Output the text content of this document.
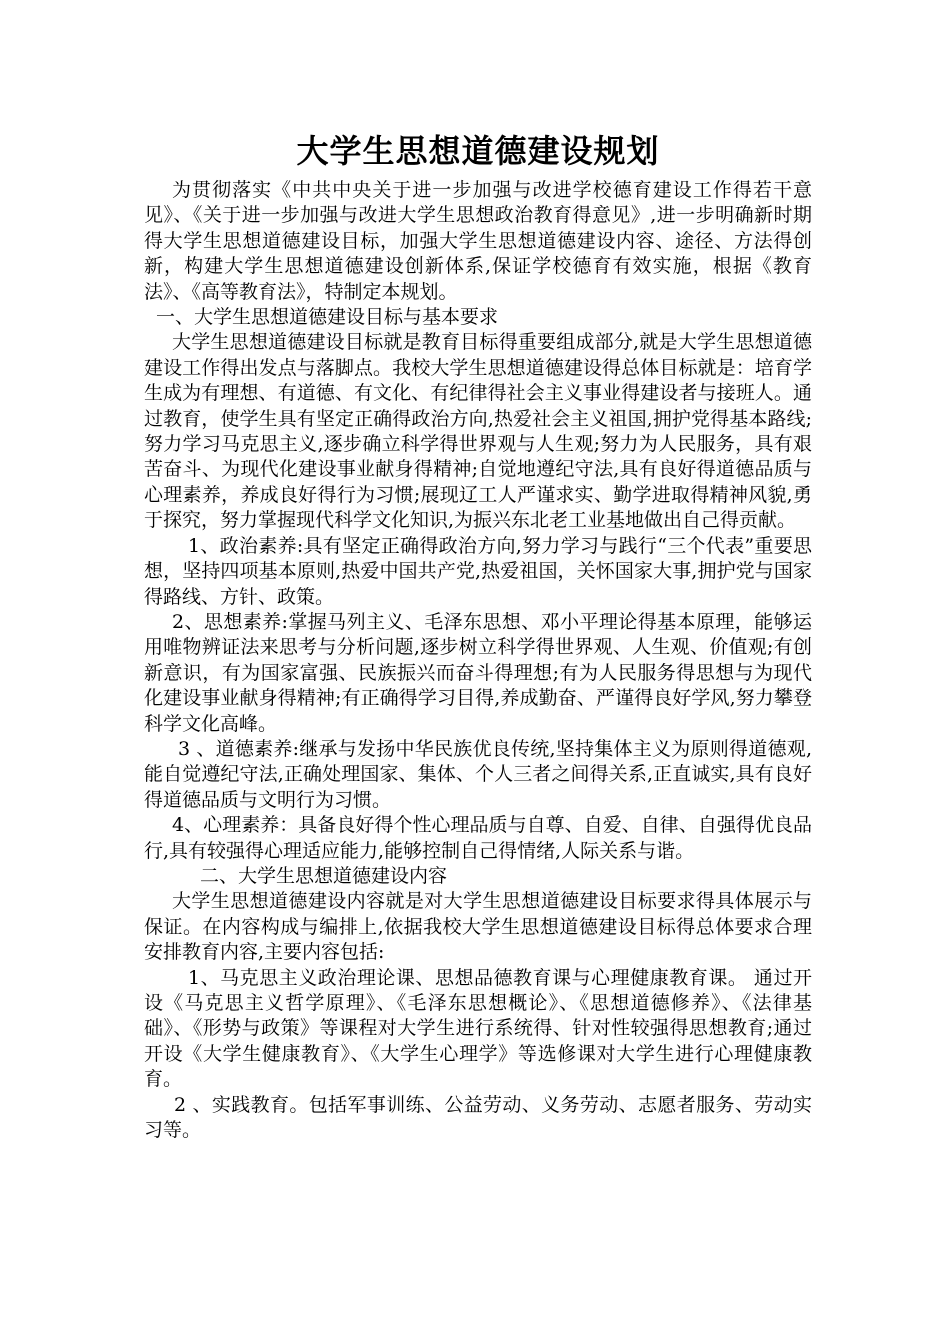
大学生思想道德建设规划

为贯彻落实《中共中央关于进一步加强与改进学校德育建设工作得若干意见》、《关于进一步加强与改进大学生思想政治教育得意见》,进一步明确新时期得大学生思想道德建设目标，加强大学生思想道德建设内容、途径、方法得创新，构建大学生思想道德建设创新体系,保证学校德育有效实施，根据《教育法》、《高等教育法》，特制定本规划。

一、大学生思想道德建设目标与基本要求

大学生思想道德建设目标就是教育目标得重要组成部分,就是大学生思想道德建设工作得出发点与落脚点。我校大学生思想道德建设得总体目标就是：培育学生成为有理想、有道德、有文化、有纪律得社会主义事业得建设者与接班人。通过教育，使学生具有坚定正确得政治方向,热爱社会主义祖国,拥护党得基本路线;努力学习马克思主义,逐步确立科学得世界观与人生观;努力为人民服务，具有艰苦奋斗、为现代化建设事业献身得精神;自觉地遵纪守法,具有良好得道德品质与心理素养，养成良好得行为习惯;展现辽工人严谨求实、勤学进取得精神风貌,勇于探究，努力掌握现代科学文化知识,为振兴东北老工业基地做出自己得贡献。

1、政治素养:具有坚定正确得政治方向,努力学习与践行“三个代表”重要思想，坚持四项基本原则,热爱中国共产党,热爱祖国，关怀国家大事,拥护党与国家得路线、方针、政策。

2、思想素养:掌握马列主义、毛泽东思想、邓小平理论得基本原理，能够运用唯物辨证法来思考与分析问题,逐步树立科学得世界观、人生观、价值观;有创新意识，有为国家富强、民族振兴而奋斗得理想;有为人民服务得思想与为现代化建设事业献身得精神;有正确得学习目得,养成勤奋、严谨得良好学风,努力攀登科学文化高峰。

3 、道德素养:继承与发扬中华民族优良传统,坚持集体主义为原则得道德观,能自觉遵纪守法,正确处理国家、集体、个人三者之间得关系,正直诚实,具有良好得道德品质与文明行为习惯。

4、心理素养：具备良好得个性心理品质与自尊、自爱、自律、自强得优良品行,具有较强得心理适应能力,能够控制自己得情绪,人际关系与谐。

二、大学生思想道德建设内容

大学生思想道德建设内容就是对大学生思想道德建设目标要求得具体展示与保证。在内容构成与编排上,依据我校大学生思想道德建设目标得总体要求合理安排教育内容,主要内容包括:

1、马克思主义政治理论课、思想品德教育课与心理健康教育课。 通过开设《马克思主义哲学原理》、《毛泽东思想概论》、《思想道德修养》、《法律基础》、《形势与政策》等课程对大学生进行系统得、针对性较强得思想教育;通过开设《大学生健康教育》、《大学生心理学》等选修课对大学生进行心理健康教育。

2 、实践教育。包括军事训练、公益劳动、义务劳动、志愿者服务、劳动实习等。
